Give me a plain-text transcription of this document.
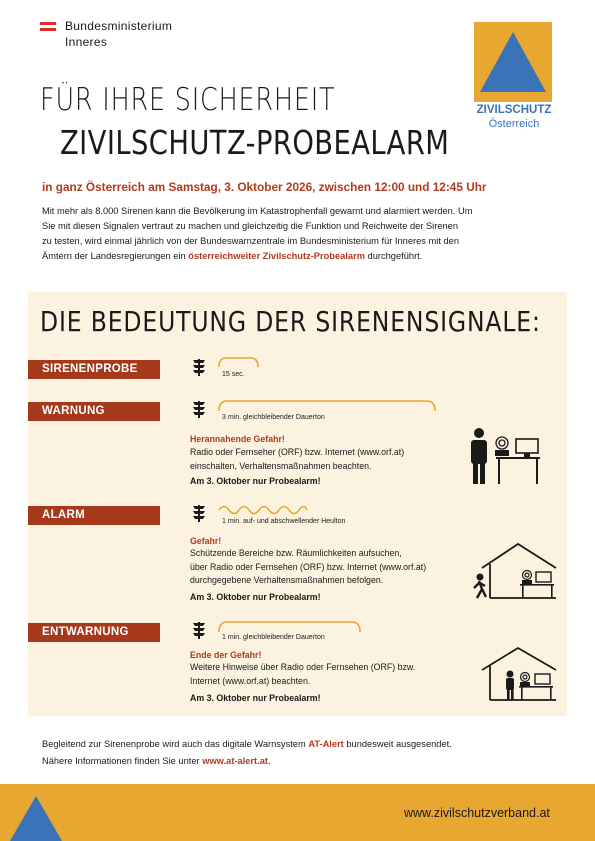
Bundesministerium
Inneres
ZIVILSCHUTZ
Österreich
FÜR IHRE SICHERHEIT
ZIVILSCHUTZ-PROBEALARM
in ganz Österreich am Samstag, 3. Oktober 2026, zwischen 12:00 und 12:45 Uhr
Mit mehr als 8.000 Sirenen kann die Bevölkerung im Katastrophenfall gewarnt und alarmiert werden. Um
Sie mit diesen Signalen vertraut zu machen und gleichzeitig die Funktion und Reichweite der Sirenen
zu testen, wird einmal jährlich von der Bundeswarnzentrale im Bundesministerium für Inneres mit den
Ämtern der Landesregierungen ein österreichweiter Zivilschutz-Probealarm durchgeführt.
DIE BEDEUTUNG DER SIRENENSIGNALE:
SIRENENPROBE	15 sec.
WARNUNG
3 min. gleichbleibender Dauerton
Herannahende Gefahr!
Radio oder Fernseher (ORF) bzw. Internet (www.orf.at)
einschalten, Verhaltensmaßnahmen beachten.
Am 3. Oktober nur Probealarm!
ALARM
1 min. auf- und abschwellender Heulton
Gefahr!
Schützende Bereiche bzw. Räumlichkeiten aufsuchen,
über Radio oder Fernsehen (ORF) bzw. Internet (www.orf.at)
durchgegebene Verhaltensmaßnahmen befolgen.
Am 3. Oktober nur Probealarm!
ENTWARNUNG	1 min. gleichbleibender Dauerton
Ende der Gefahr!
Weitere Hinweise über Radio oder Fernsehen (ORF) bzw.
Internet (www.orf.at) beachten.
Am 3. Oktober nur Probealarm!
Begleitend zur Sirenenprobe wird auch das digitale Warnsystem AT-Alert bundesweit ausgesendet.
Nähere Informationen finden Sie unter www.at-alert.at.
www.zivilschutzverband.at
